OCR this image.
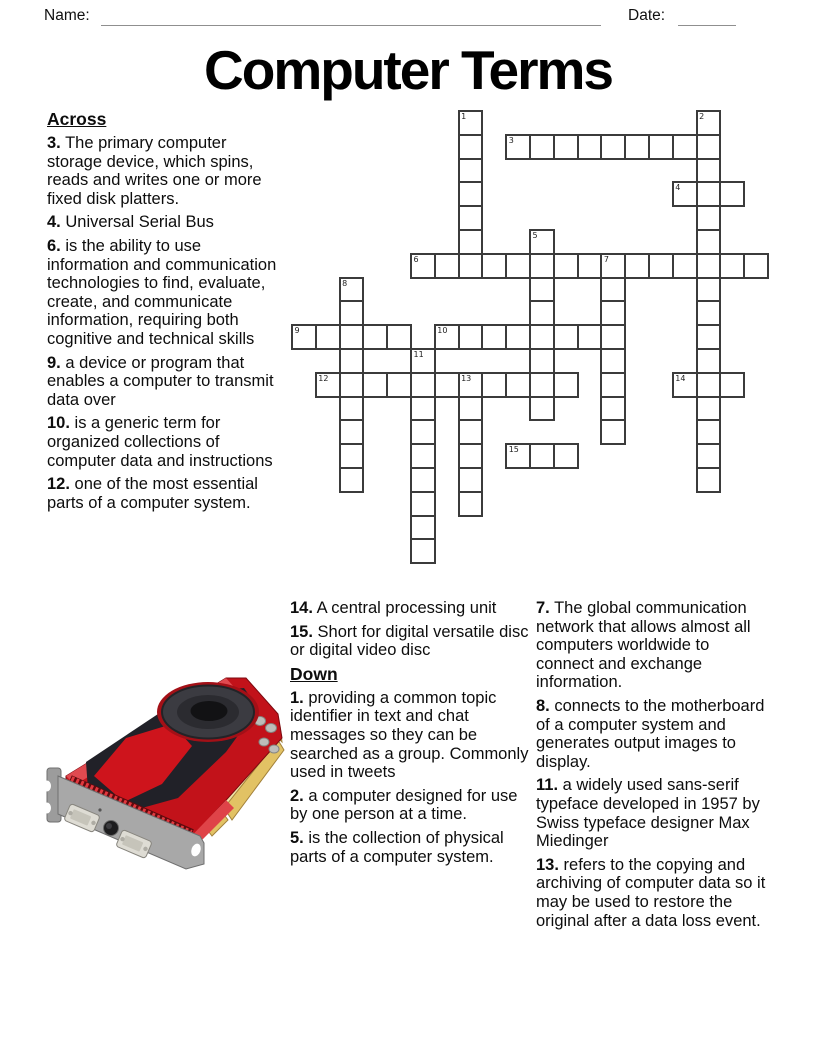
Name:	Date:
Computer Terms
1	2
3
4
5
6	7
8
9	10
11
12	13	14
15
Across

3. The primary computer storage device, which spins, reads and writes one or more fixed disk platters.

4. Universal Serial Bus

6. is the ability to use information and communication technologies to find, evaluate, create, and communicate information, requiring both cognitive and technical skills

9. a device or program that enables a computer to transmit data over

10. is a generic term for organized collections of computer data and instructions

12. one of the most essential parts of a computer system.

14. A central processing unit

15. Short for digital versatile disc or digital video disc

Down

1. providing a common topic identifier in text and chat messages so they can be searched as a group. Commonly used in tweets

2. a computer designed for use by one person at a time.

5. is the collection of physical parts of a computer system.

7. The global communication network that allows almost all computers worldwide to connect and exchange information.

8. connects to the motherboard of a computer system and generates output images to display.

11. a widely used sans-serif typeface developed in 1957 by Swiss typeface designer Max Miedinger

13. refers to the copying and archiving of computer data so it may be used to restore the original after a data loss event.
